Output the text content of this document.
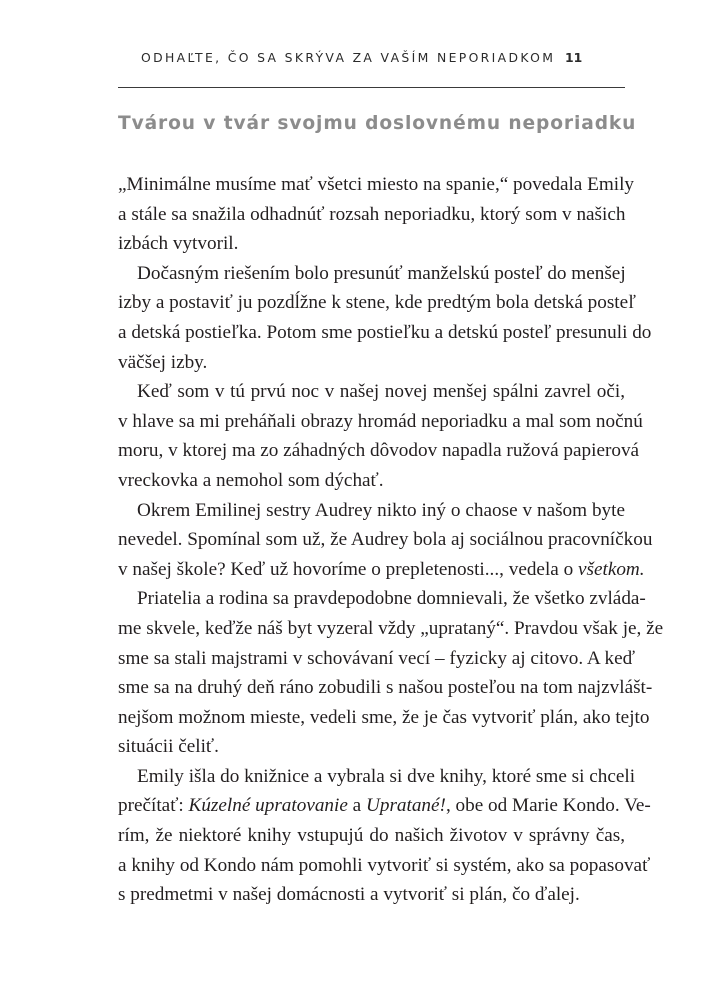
ODHAĽTE, ČO SA SKRÝVA ZA VAŠÍM NEPORIADKOM 11
Tvárou v tvár svojmu doslovnému neporiadku
„Minimálne musíme mať všetci miesto na spanie,“ povedala Emily
a stále sa snažila odhadnúť rozsah neporiadku, ktorý som v našich
izbách vytvoril.
Dočasným riešením bolo presunúť manželskú posteľ do menšej
izby a postaviť ju pozdĺžne k stene, kde predtým bola detská posteľ
a detská postieľka. Potom sme postieľku a detskú posteľ presunuli do
väčšej izby.
Keď som v tú prvú noc v našej novej menšej spálni zavrel oči,
v hlave sa mi preháňali obrazy hromád neporiadku a mal som nočnú
moru, v ktorej ma zo záhadných dôvodov napadla ružová papierová
vreckovka a nemohol som dýchať.
Okrem Emilinej sestry Audrey nikto iný o chaose v našom byte
nevedel. Spomínal som už, že Audrey bola aj sociálnou pracovníčkou
v našej škole? Keď už hovoríme o prepletenosti..., vedela o všetkom.
Priatelia a rodina sa pravdepodobne domnievali, že všetko zvláda-
me skvele, keďže náš byt vyzeral vždy „uprataný“. Pravdou však je, že
sme sa stali majstrami v schovávaní vecí – fyzicky aj citovo. A keď
sme sa na druhý deň ráno zobudili s našou posteľou na tom najzvlášt-
nejšom možnom mieste, vedeli sme, že je čas vytvoriť plán, ako tejto
situácii čeliť.
Emily išla do knižnice a vybrala si dve knihy, ktoré sme si chceli
prečítať: Kúzelné upratovanie a Upratané!, obe od Marie Kondo. Ve-
rím, že niektoré knihy vstupujú do našich životov v správny čas,
a knihy od Kondo nám pomohli vytvoriť si systém, ako sa popasovať
s predmetmi v našej domácnosti a vytvoriť si plán, čo ďalej.
